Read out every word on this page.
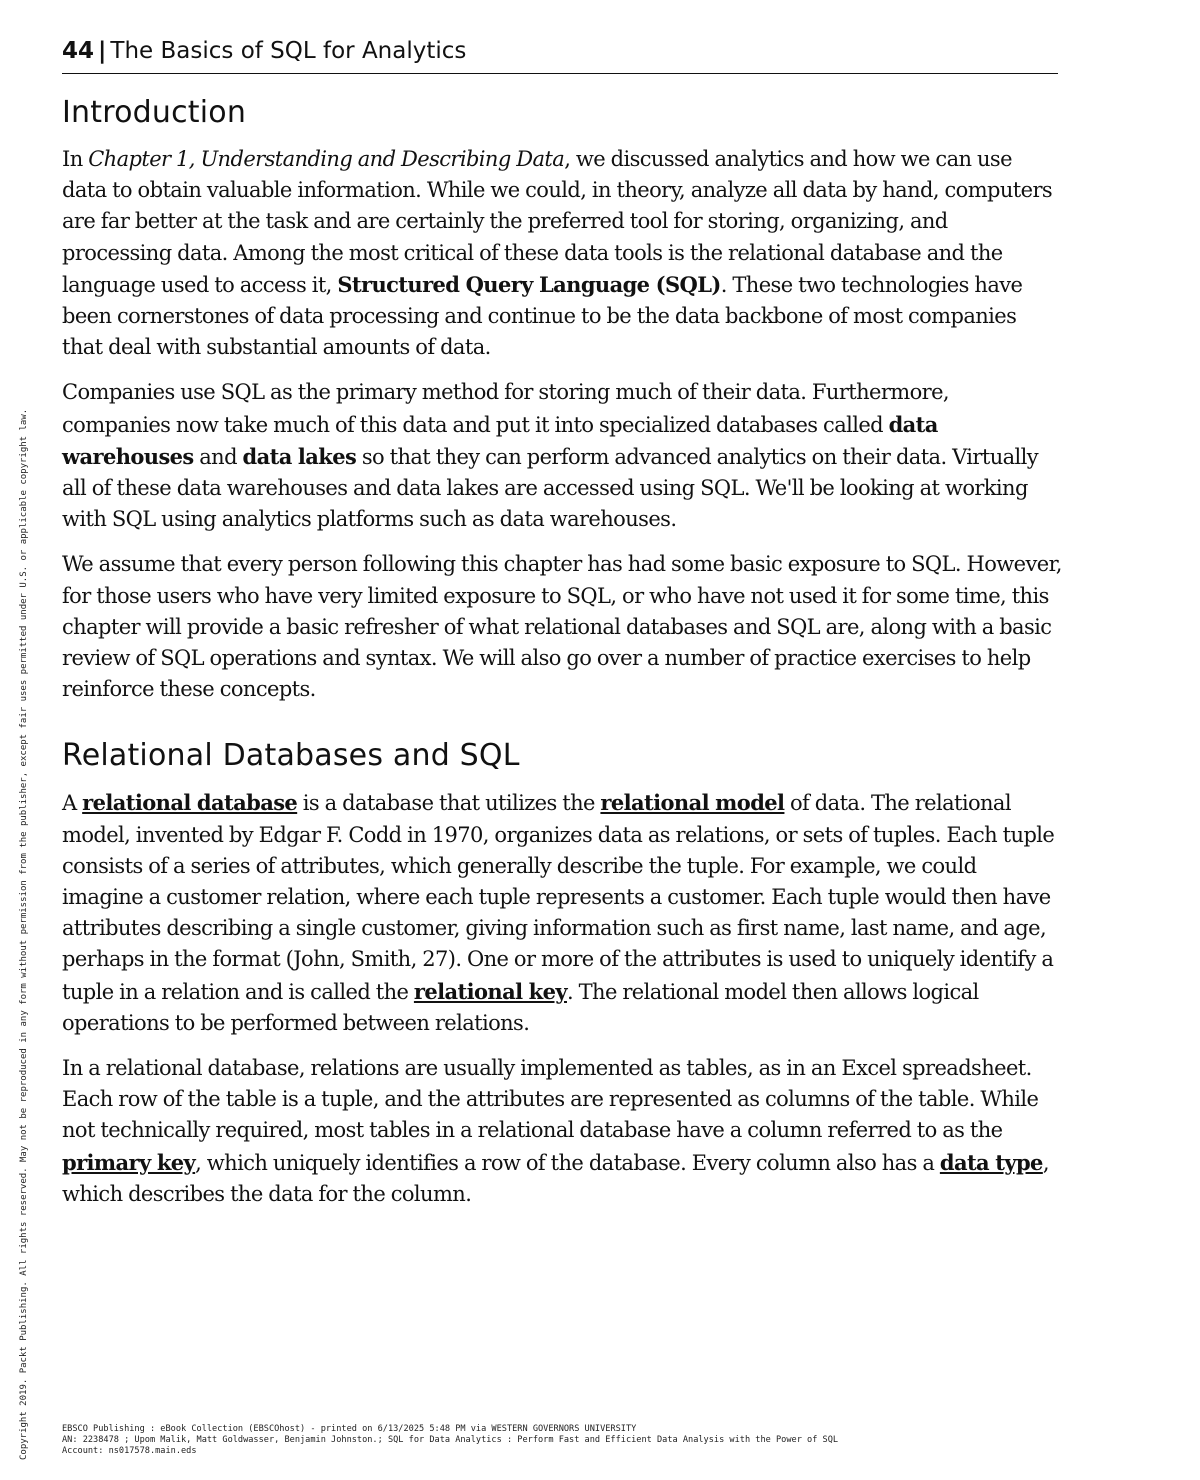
44 | The Basics of SQL for Analytics
Introduction

In Chapter 1, Understanding and Describing Data, we discussed analytics and how we can use data to obtain valuable information. While we could, in theory, analyze all data by hand, computers are far better at the task and are certainly the preferred tool for storing, organizing, and processing data. Among the most critical of these data tools is the relational database and the language used to access it, Structured Query Language (SQL). These two technologies have been cornerstones of data processing and continue to be the data backbone of most companies that deal with substantial amounts of data.

Companies use SQL as the primary method for storing much of their data. Furthermore, companies now take much of this data and put it into specialized databases called data warehouses and data lakes so that they can perform advanced analytics on their data. Virtually all of these data warehouses and data lakes are accessed using SQL. We'll be looking at working with SQL using analytics platforms such as data warehouses.

We assume that every person following this chapter has had some basic exposure to SQL. However, for those users who have very limited exposure to SQL, or who have not used it for some time, this chapter will provide a basic refresher of what relational databases and SQL are, along with a basic review of SQL operations and syntax. We will also go over a number of practice exercises to help reinforce these concepts.

Relational Databases and SQL

A relational database is a database that utilizes the relational model of data. The relational model, invented by Edgar F. Codd in 1970, organizes data as relations, or sets of tuples. Each tuple consists of a series of attributes, which generally describe the tuple. For example, we could imagine a customer relation, where each tuple represents a customer. Each tuple would then have attributes describing a single customer, giving information such as first name, last name, and age, perhaps in the format (John, Smith, 27). One or more of the attributes is used to uniquely identify a tuple in a relation and is called the relational key. The relational model then allows logical operations to be performed between relations.

In a relational database, relations are usually implemented as tables, as in an Excel spreadsheet. Each row of the table is a tuple, and the attributes are represented as columns of the table. While not technically required, most tables in a relational database have a column referred to as the primary key, which uniquely identifies a row of the database. Every column also has a data type, which describes the data for the column.

Copyright 2019. Packt Publishing. All rights reserved. May not be reproduced in any form without permission from the publisher, except fair uses permitted under U.S. or applicable copyright law.	EBSCO Publishing : eBook Collection (EBSCOhost) - printed on 6/13/2025 5:48 PM via WESTERN GOVERNORS UNIVERSITY
AN: 2238478 ; Upom Malik, Matt Goldwasser, Benjamin Johnston.; SQL for Data Analytics : Perform Fast and Efficient Data Analysis with the Power of SQL
Account: ns017578.main.eds
